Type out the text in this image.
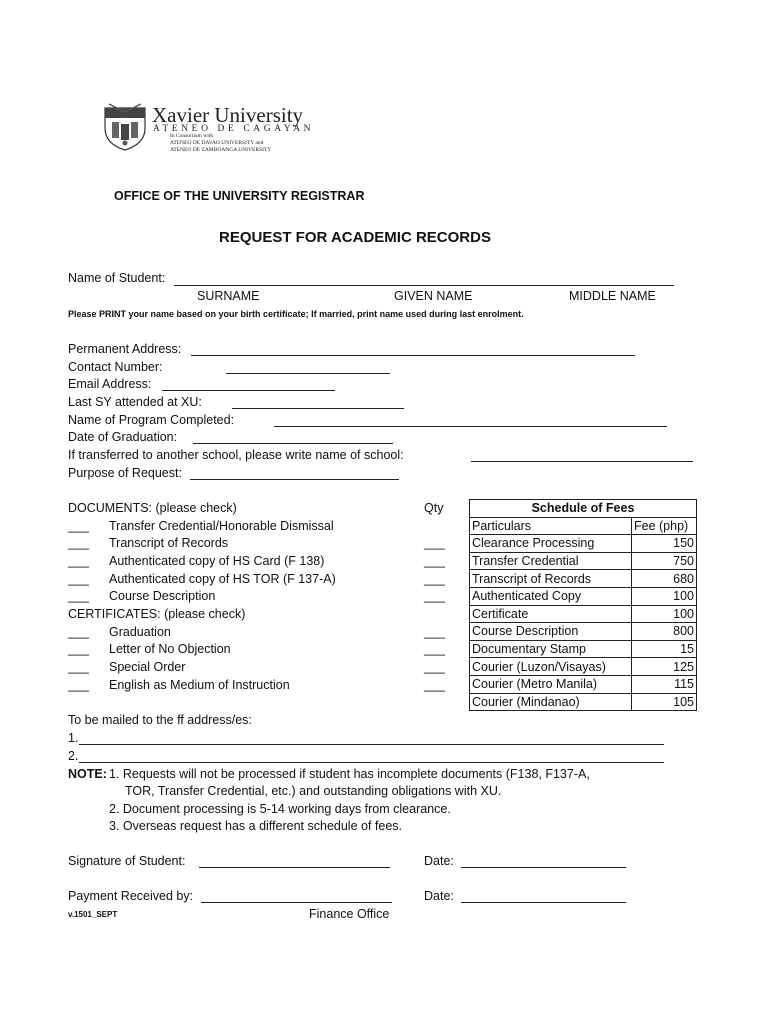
Xavier University
ATENEO DE CAGAYAN
In Consortium with
ATENEO DE DAVAO UNIVERSITY and
ATENEO DE ZAMBOANGA UNIVERSITY
OFFICE OF THE UNIVERSITY REGISTRAR
REQUEST FOR ACADEMIC RECORDS
Name of Student:
SURNAME	GIVEN NAME	MIDDLE NAME
Please PRINT your name based on your birth certificate; If married, print name used during last enrolment.
Permanent Address:
Contact Number:
Email Address:
Last SY attended at XU:
Name of Program Completed:
Date of Graduation:
If transferred to another school, please write name of school:
Purpose of Request:
DOCUMENTS: (please check)	Qty
___ Transfer Credential/Honorable Dismissal
___ Transcript of Records	___
___ Authenticated copy of HS Card (F 138)	___
___ Authenticated copy of HS TOR (F 137-A)	___
___ Course Description	___
CERTIFICATES: (please check)
___ Graduation	___
___ Letter of No Objection	___
___ Special Order	___
___ English as Medium of Instruction	___
Schedule of Fees	
Particulars	Fee (php)
Clearance Processing	150
Transfer Credential	750
Transcript of Records	680
Authenticated Copy	100
Certificate	100
Course Description	800
Documentary Stamp	15
Courier (Luzon/Visayas)	125
Courier (Metro Manila)	115
Courier (Mindanao)	105
To be mailed to the ff address/es:
1.
2.
NOTE: 1. Requests will not be processed if student has incomplete documents (F138, F137-A,
TOR, Transfer Credential, etc.) and outstanding obligations with XU.
2. Document processing is 5-14 working days from clearance.
3. Overseas request has a different schedule of fees.
Signature of Student:	Date:
Payment Received by:	Date:
v.1501_SEPT	Finance Office
